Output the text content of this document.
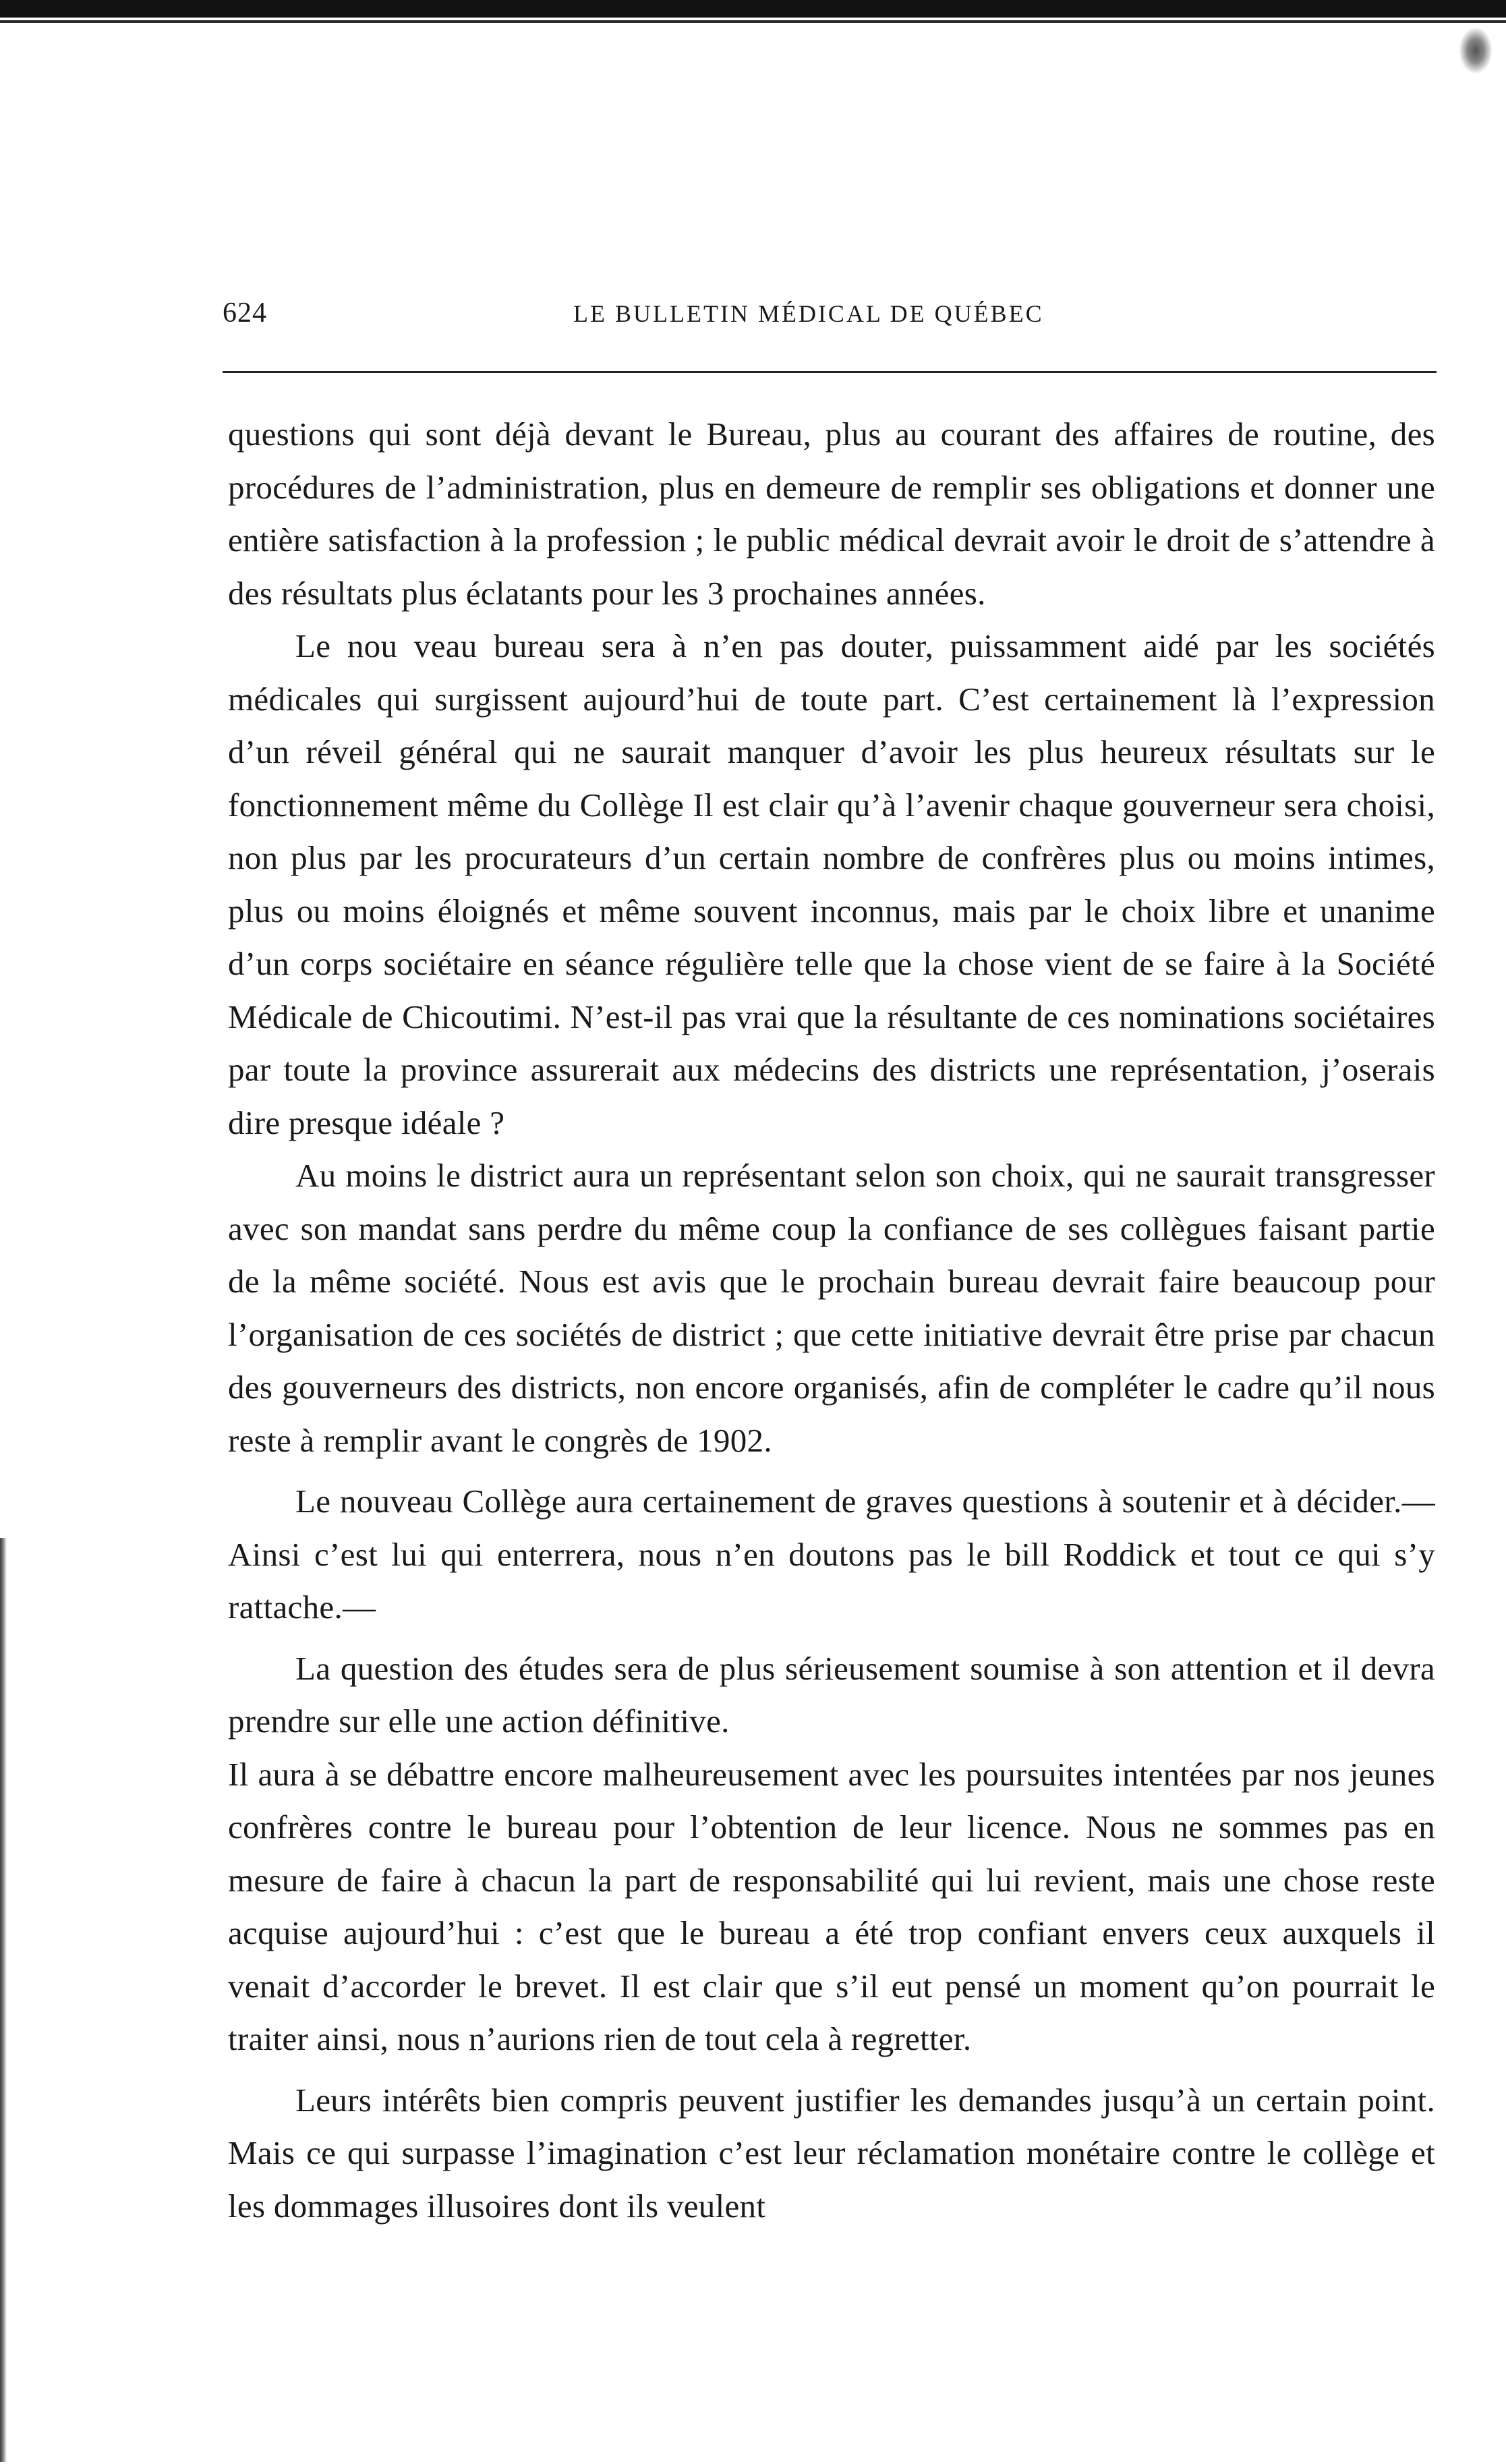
624	LE BULLETIN MÉDICAL DE QUÉBEC

questions qui sont déjà devant le Bureau, plus au courant des affaires de routine, des procédures de l’administration, plus en demeure de remplir ses obligations et donner une entière satisfaction à la profession ; le public médical devrait avoir le droit de s’attendre à des résultats plus éclatants pour les 3 prochaines années.

Le nou veau bureau sera à n’en pas douter, puissamment aidé par les sociétés médicales qui surgissent aujourd’hui de toute part. C’est certainement là l’expression d’un réveil général qui ne saurait manquer d’avoir les plus heureux résultats sur le fonctionnement même du Collège Il est clair qu’à l’avenir chaque gouverneur sera choisi, non plus par les procurateurs d’un certain nombre de confrères plus ou moins intimes, plus ou moins éloignés et même souvent inconnus, mais par le choix libre et unanime d’un corps sociétaire en séance régulière telle que la chose vient de se faire à la Société Médicale de Chicoutimi. N’est-il pas vrai que la résultante de ces nominations sociétaires par toute la province assurerait aux médecins des districts une représentation, j’oserais dire presque idéale ?

Au moins le district aura un représentant selon son choix, qui ne saurait transgresser avec son mandat sans perdre du même coup la confiance de ses collègues faisant partie de la même société. Nous est avis que le prochain bureau devrait faire beaucoup pour l’organisation de ces sociétés de district ; que cette initiative devrait être prise par chacun des gouverneurs des districts, non encore organisés, afin de compléter le cadre qu’il nous reste à remplir avant le congrès de 1902.

Le nouveau Collège aura certainement de graves questions à soutenir et à décider.—Ainsi c’est lui qui enterrera, nous n’en doutons pas le bill Roddick et tout ce qui s’y rattache.—

La question des études sera de plus sérieusement soumise à son attention et il devra prendre sur elle une action définitive.

Il aura à se débattre encore malheureusement avec les poursuites intentées par nos jeunes confrères contre le bureau pour l’obtention de leur licence. Nous ne sommes pas en mesure de faire à chacun la part de responsabilité qui lui revient, mais une chose reste acquise aujourd’hui : c’est que le bureau a été trop confiant envers ceux auxquels il venait d’accorder le brevet. Il est clair que s’il eut pensé un moment qu’on pourrait le traiter ainsi, nous n’aurions rien de tout cela à regretter.

Leurs intérêts bien compris peuvent justifier les demandes jusqu’à un certain point. Mais ce qui surpasse l’imagination c’est leur réclamation monétaire contre le collège et les dommages illusoires dont ils veulent
